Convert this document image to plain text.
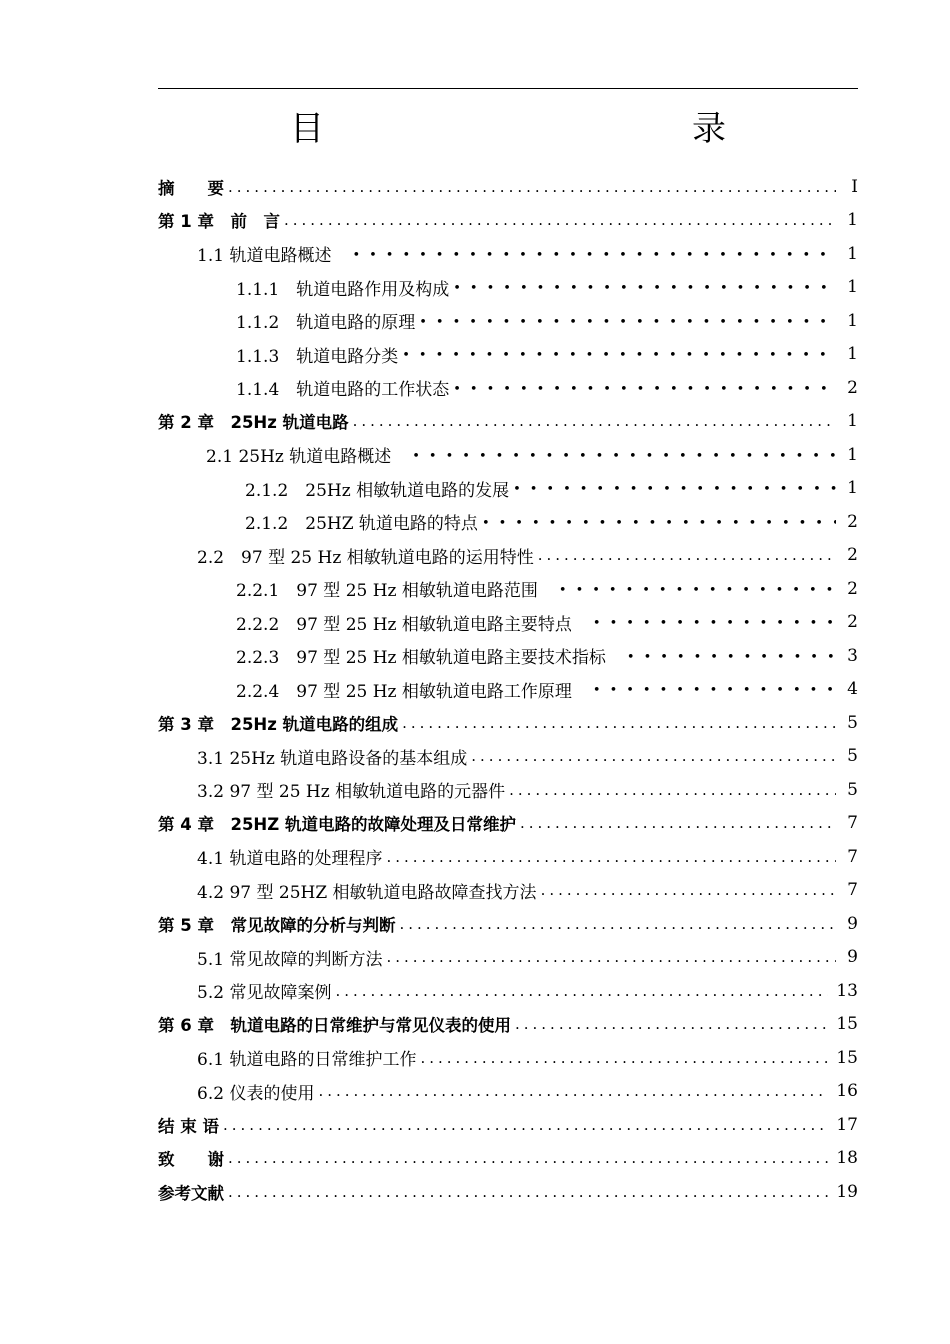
目　　录
摘　　要 .....	I
第 1 章　前　言 .....	1
1.1 轨道电路概述　 •••••	1
1.1.1　轨道电路作用及构成 •••••	1
1.1.2　轨道电路的原理 •••••	1
1.1.3　轨道电路分类 •••••	1
1.1.4　轨道电路的工作状态 •••••	2
第 2 章　25Hz 轨道电路 .....	1
2.1 25Hz 轨道电路概述　 •••••	1
2.1.2　25Hz 相敏轨道电路的发展 •••••	1
2.1.2　25HZ 轨道电路的特点 •••••	2
2.2　97 型 25 Hz 相敏轨道电路的运用特性 .....	2
2.2.1　97 型 25 Hz 相敏轨道电路范围　 •••••	2
2.2.2　97 型 25 Hz 相敏轨道电路主要特点　 •••••	2
2.2.3　97 型 25 Hz 相敏轨道电路主要技术指标　 •••••	3
2.2.4　97 型 25 Hz 相敏轨道电路工作原理　 •••••	4
第 3 章　25Hz 轨道电路的组成 .....	5
3.1 25Hz 轨道电路设备的基本组成 .....	5
3.2 97 型 25 Hz 相敏轨道电路的元器件 .....	5
第 4 章　25HZ 轨道电路的故障处理及日常维护 .....	7
4.1 轨道电路的处理程序 .....	7
4.2 97 型 25HZ 相敏轨道电路故障查找方法 .....	7
第 5 章　常见故障的分析与判断 .....	9
5.1 常见故障的判断方法 .....	9
5.2 常见故障案例 .....	13
第 6 章　轨道电路的日常维护与常见仪表的使用 .....	15
6.1 轨道电路的日常维护工作 .....	15
6.2 仪表的使用 .....	16
结 束 语 .....	17
致　　谢 .....	18
参考文献 .....	19
